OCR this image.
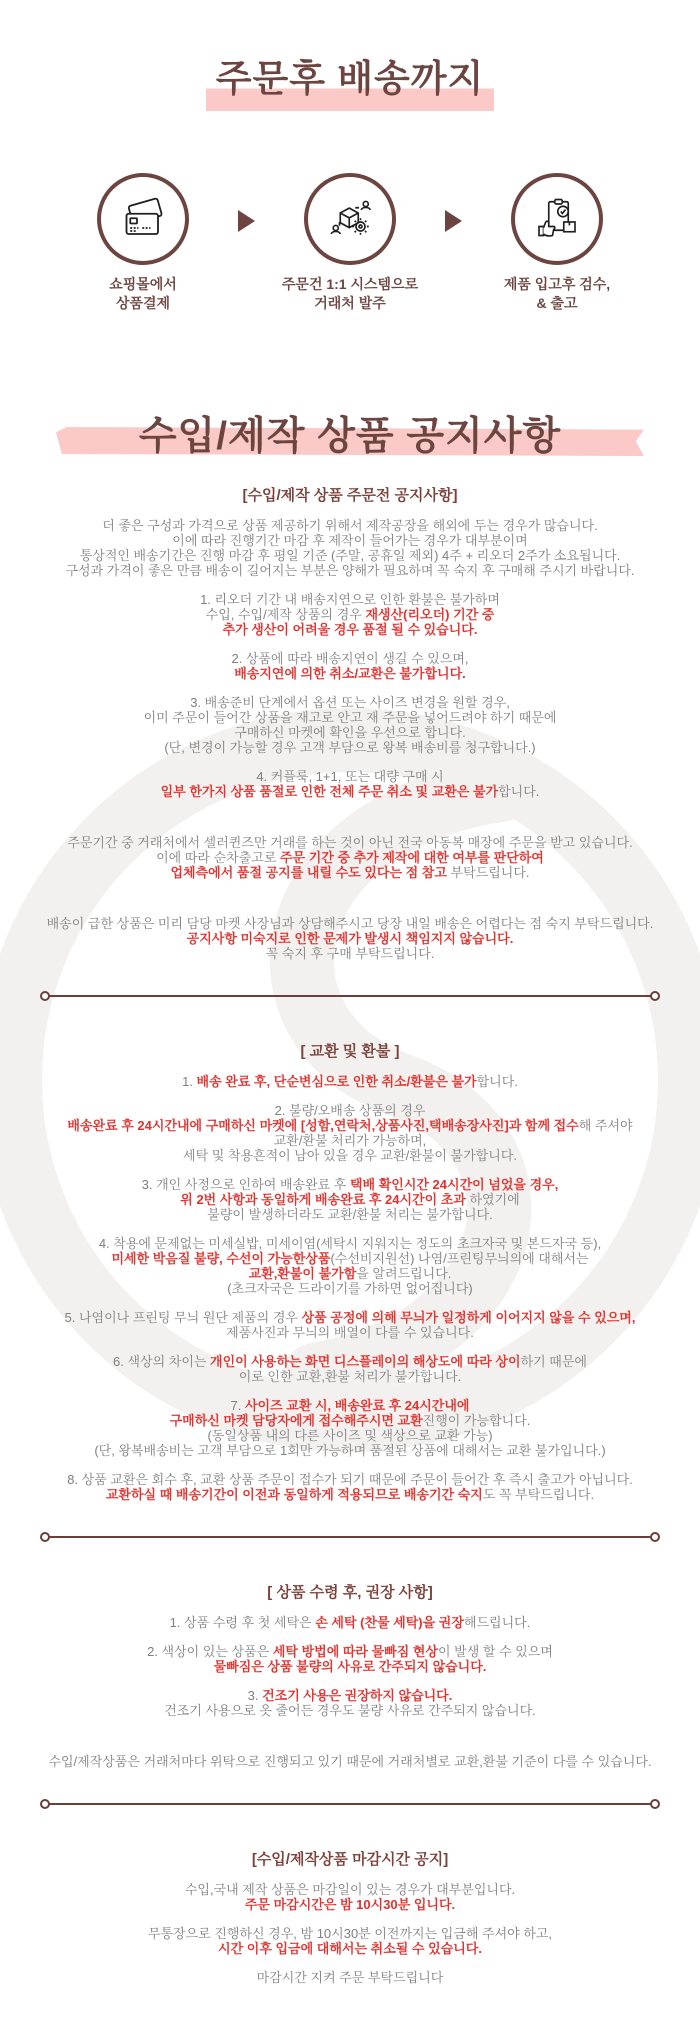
주문후 배송까지
쇼핑몰에서
상품결제
주문건 1:1 시스템으로
거래처 발주
제품 입고후 검수,
& 출고
수입/제작 상품 공지사항
[수입/제작 상품 주문전 공지사항]
더 좋은 구성과 가격으로 상품 제공하기 위해서 제작공장을 해외에 두는 경우가 많습니다.
이에 따라 진행기간 마감 후 제작이 들어가는 경우가 대부분이며
통상적인 배송기간은 진행 마감 후 평일 기준 (주말, 공휴일 제외) 4주 + 리오더 2주가 소요됩니다.
구성과 가격이 좋은 만큼 배송이 길어지는 부분은 양해가 필요하며 꼭 숙지 후 구매해 주시기 바랍니다.
1. 리오더 기간 내 배송지연으로 인한 환불은 불가하며
수입, 수입/제작 상품의 경우 재생산(리오더) 기간 중
추가 생산이 어려울 경우 품절 될 수 있습니다.
2. 상품에 따라 배송지연이 생길 수 있으며,
배송지연에 의한 취소/교환은 불가합니다.
3. 배송준비 단계에서 옵션 또는 사이즈 변경을 원할 경우,
이미 주문이 들어간 상품을 재고로 안고 재 주문을 넣어드려야 하기 때문에
구매하신 마켓에 확인을 우선으로 합니다.
(단, 변경이 가능할 경우 고객 부담으로 왕복 배송비를 청구합니다.)
4. 커플룩, 1+1, 또는 대량 구매 시
일부 한가지 상품 품절로 인한 전체 주문 취소 및 교환은 불가 합니다.
주문기간 중 거래처에서 셀러퀸즈만 거래를 하는 것이 아닌 전국 아동복 매장에 주문을 받고 있습니다.
이에 따라 순차출고로 주문 기간 중 추가 제작에 대한 여부를 판단하여
업체측에서 품절 공지를 내릴 수도 있다는 점 참고 부탁드립니다.
배송이 급한 상품은 미리 담당 마켓 사장님과 상담해주시고 당장 내일 배송은 어렵다는 점 숙지 부탁드립니다.
공지사항 미숙지로 인한 문제가 발생시 책임지지 않습니다.
꼭 숙지 후 구매 부탁드립니다.
[ 교환 및 환불 ]
1. 배송 완료 후, 단순변심으로 인한 취소/환불은 불가 합니다.
2. 불량/오배송 상품의 경우
배송완료 후 24시간내에 구매하신 마켓에 [성함,연락처,상품사진,택배송장사진]과 함께 접수 해 주셔야
교환/환불 처리가 가능하며,
세탁 및 착용흔적이 남아 있을 경우 교환/환불이 불가합니다.
3. 개인 사정으로 인하여 배송완료 후 택배 확인시간 24시간이 넘었을 경우,
위 2번 사항과 동일하게 배송완료 후 24시간이 초과 하였기에
불량이 발생하더라도 교환/환불 처리는 불가합니다.
4. 착용에 문제없는 미세실밥, 미세이염(세탁시 지워지는 정도의 초크자국 및 본드자국 등),
미세한 박음질 불량, 수선이 가능한상품 (수선비지원선) 나염/프린팅무늬의에 대해서는
교환,환불이 불가함 을 알려드립니다.
(초크자국은 드라이기를 가하면 없어집니다)
5. 나염이나 프린팅 무늬 원단 제품의 경우 상품 공정에 의해 무늬가 일정하게 이어지지 않을 수 있으며,
제품사진과 무늬의 배열이 다를 수 있습니다.
6. 색상의 차이는 개인이 사용하는 화면 디스플레이의 해상도에 따라 상이 하기 때문에
이로 인한 교환,환불 처리가 불가합니다.
7. 사이즈 교환 시, 배송완료 후 24시간내에
구매하신 마켓 담당자에게 접수해주시면 교환 진행이 가능합니다.
(동일상품 내의 다른 사이즈 및 색상으로 교환 가능)
(단, 왕복배송비는 고객 부담으로 1회만 가능하며 품절된 상품에 대해서는 교환 불가입니다.)
8. 상품 교환은 회수 후, 교환 상품 주문이 접수가 되기 때문에 주문이 들어간 후 즉시 출고가 아닙니다.
교환하실 때 배송기간이 이전과 동일하게 적용되므로 배송기간 숙지 도 꼭 부탁드립니다.
[ 상품 수령 후, 권장 사항]
1. 상품 수령 후 첫 세탁은 손 세탁 (찬물 세탁)을 권장 해드립니다.
2. 색상이 있는 상품은 세탁 방법에 따라 물빠짐 현상 이 발생 할 수 있으며
물빠짐은 상품 불량의 사유로 간주되지 않습니다.
3. 건조기 사용은 권장하지 않습니다.
건조기 사용으로 옷 줄어든 경우도 불량 사유로 간주되지 않습니다.
수입/제작상품은 거래처마다 위탁으로 진행되고 있기 때문에 거래처별로 교환,환불 기준이 다를 수 있습니다.
[수입/제작상품 마감시간 공지]
수입,국내 제작 상품은 마감일이 있는 경우가 대부분입니다.
주문 마감시간은 밤 10시30분 입니다.
무통장으로 진행하신 경우, 밤 10시30분 이전까지는 입금해 주셔야 하고,
시간 이후 입금에 대해서는 취소될 수 있습니다.
마감시간 지켜 주문 부탁드립니다
